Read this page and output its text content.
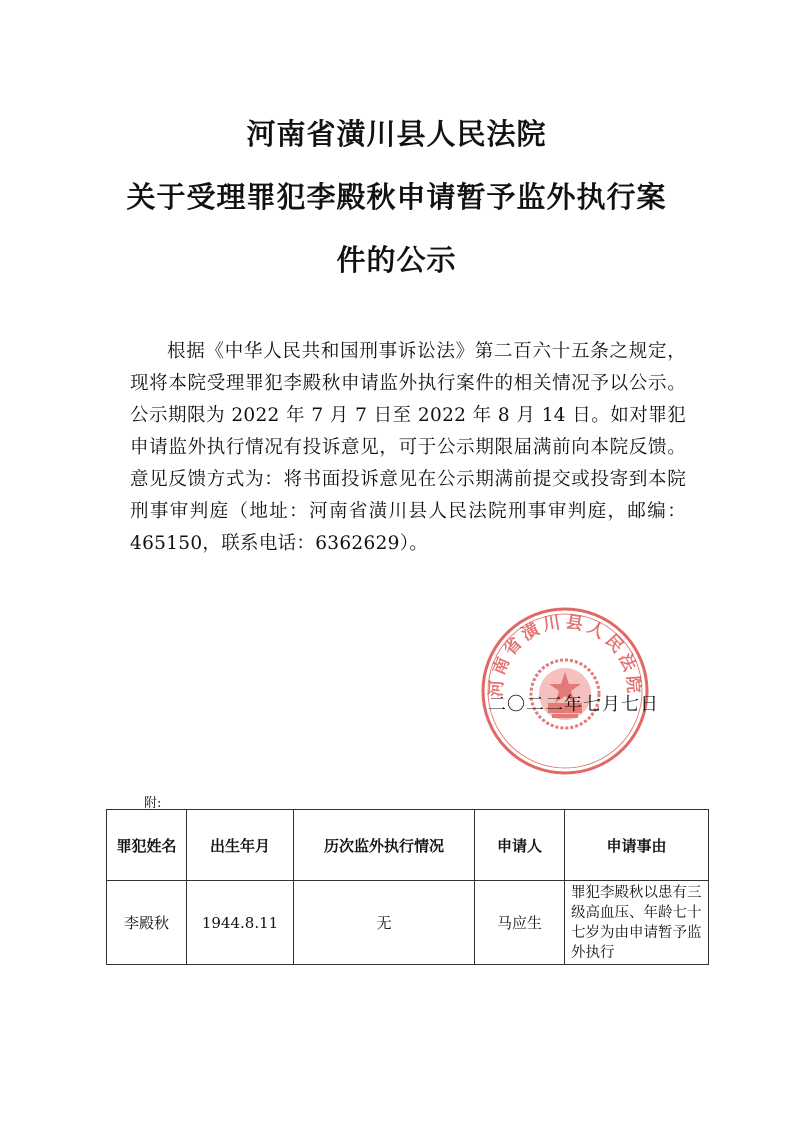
河南省潢川县人民法院
关于受理罪犯李殿秋申请暂予监外执行案
件的公示

根据《中华人民共和国刑事诉讼法》第二百六十五条之规定，现将本院受理罪犯李殿秋申请监外执行案件的相关情况予以公示。公示期限为 2022 年 7 月 7 日至 2022 年 8 月 14 日。如对罪犯申请监外执行情况有投诉意见，可于公示期限届满前向本院反馈。意见反馈方式为：将书面投诉意见在公示期满前提交或投寄到本院刑事审判庭（地址：河南省潢川县人民法院刑事审判庭，邮编：465150，联系电话：6362629）。

河南省潢川县人民法院
二〇二二年七月七日
附:
罪犯姓名	出生年月	历次监外执行情况	申请人	申请事由
李殿秋	1944.8.11	无	马应生	罪犯李殿秋以患有三级高血压、年龄七十七岁为由申请暂予监外执行
